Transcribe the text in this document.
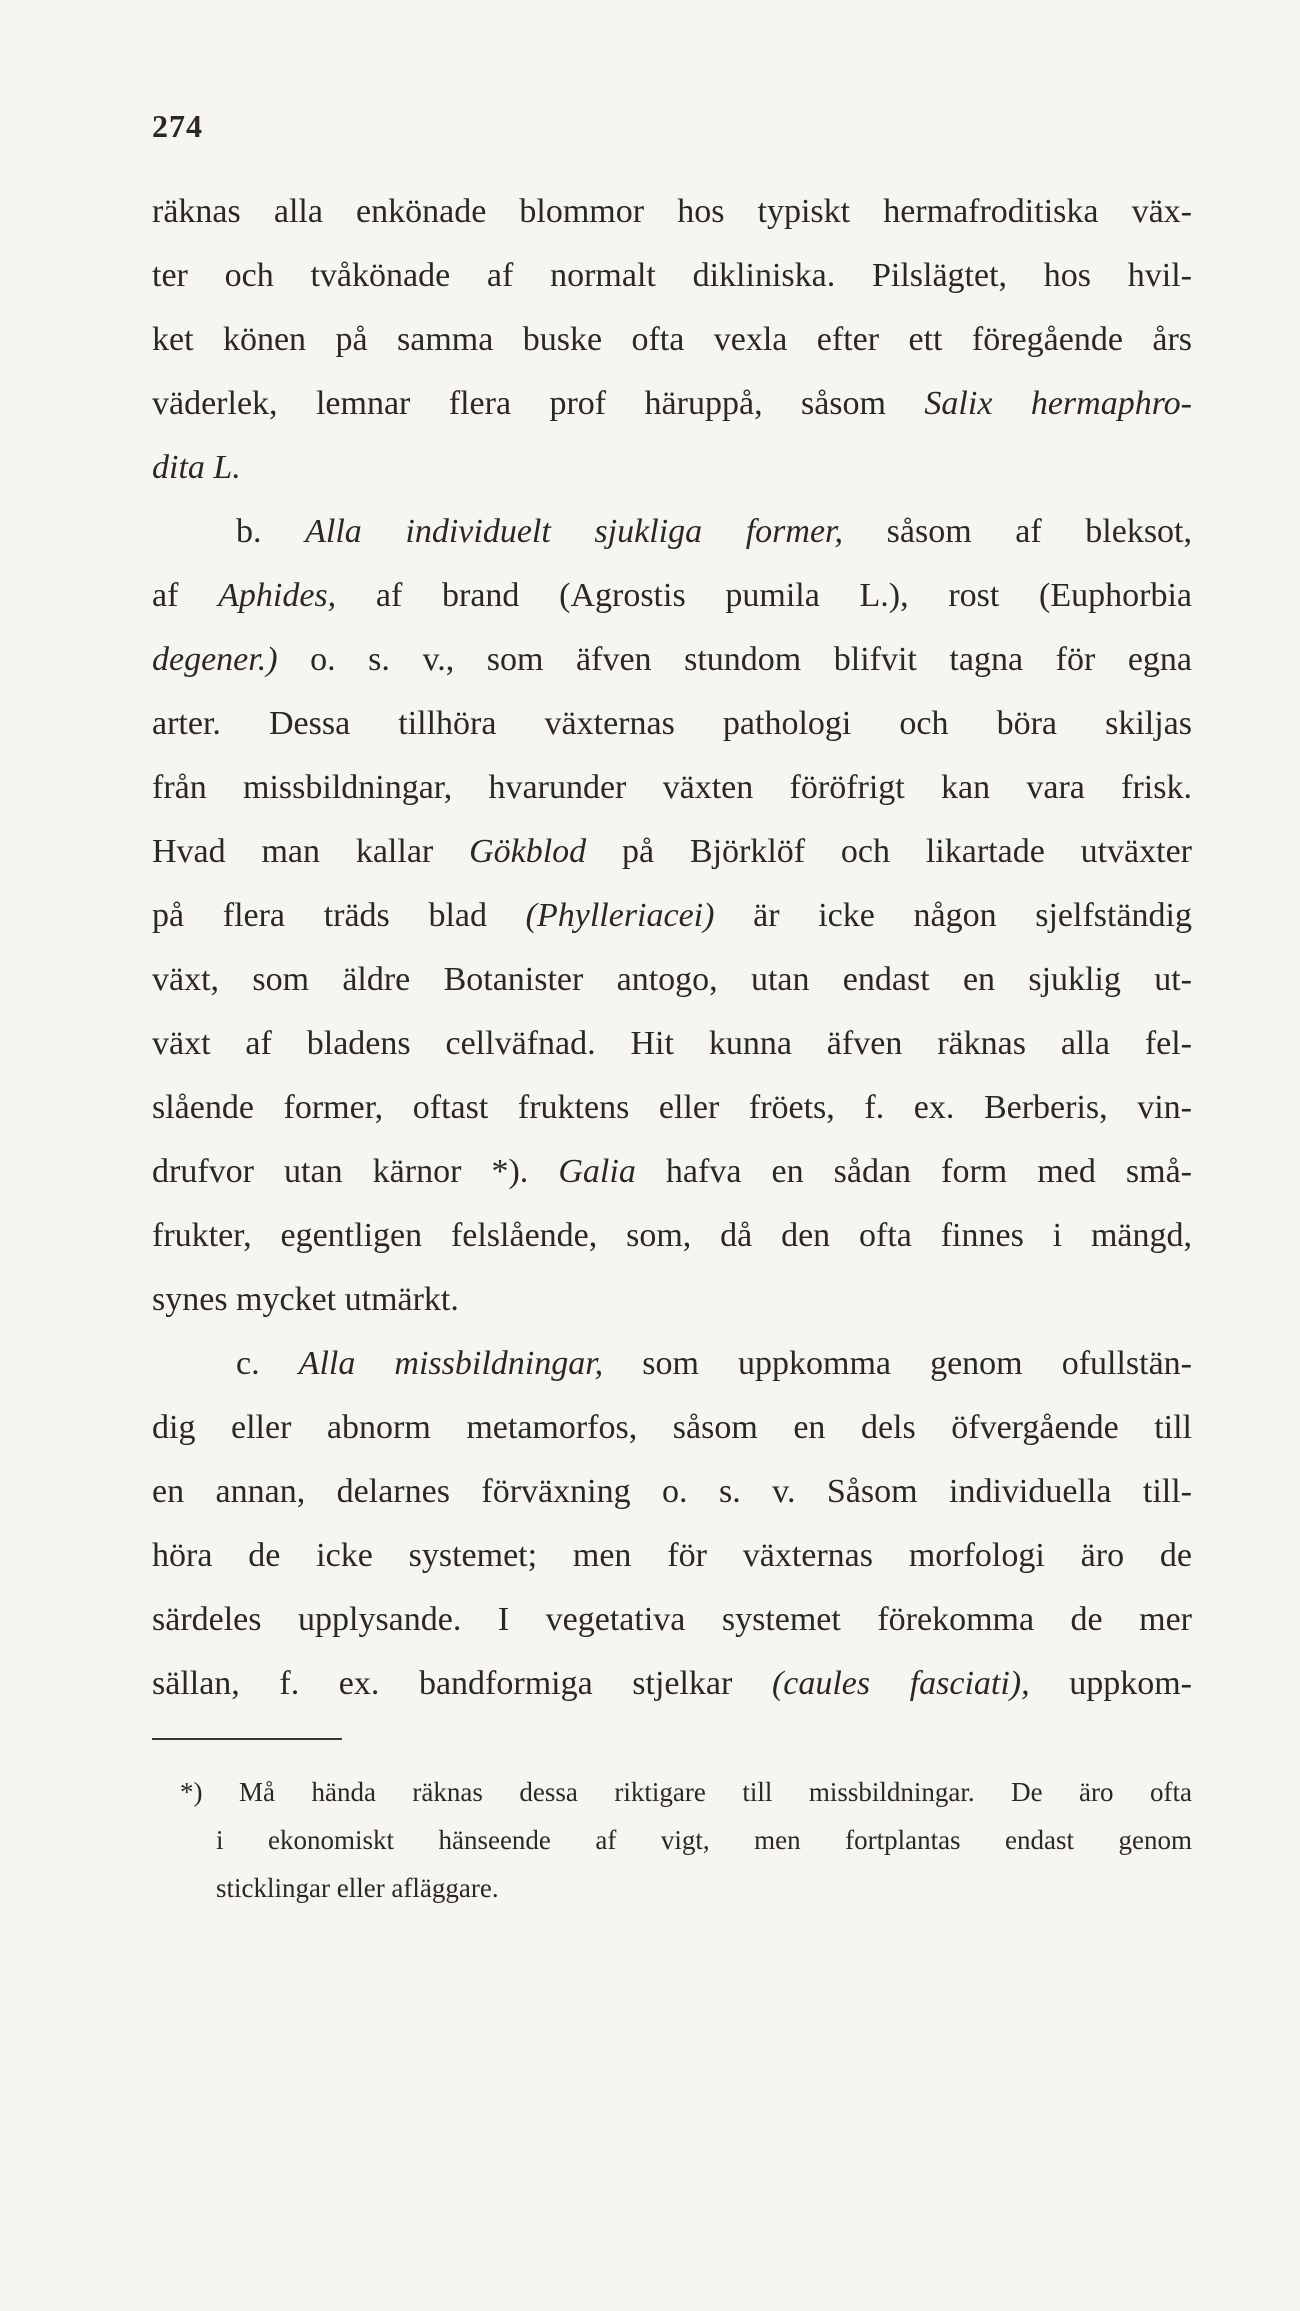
274
räknas alla enkönade blommor hos typiskt hermafroditiska väx-
ter och tvåkönade af normalt dikliniska. Pilslägtet, hos hvil-
ket könen på samma buske ofta vexla efter ett föregående års
väderlek, lemnar flera prof häruppå, såsom Salix hermaphro-
dita L.
b. Alla individuelt sjukliga former, såsom af bleksot,
af Aphides, af brand (Agrostis pumila L.), rost (Euphorbia
degener.) o. s. v., som äfven stundom blifvit tagna för egna
arter. Dessa tillhöra växternas pathologi och böra skiljas
från missbildningar, hvarunder växten föröfrigt kan vara frisk.
Hvad man kallar Gökblod på Björklöf och likartade utväxter
på flera träds blad (Phylleriacei) är icke någon sjelfständig
växt, som äldre Botanister antogo, utan endast en sjuklig ut-
växt af bladens cellväfnad. Hit kunna äfven räknas alla fel-
slående former, oftast fruktens eller fröets, f. ex. Berberis, vin-
drufvor utan kärnor *). Galia hafva en sådan form med små-
frukter, egentligen felslående, som, då den ofta finnes i mängd,
synes mycket utmärkt.
c. Alla missbildningar, som uppkomma genom ofullstän-
dig eller abnorm metamorfos, såsom en dels öfvergående till
en annan, delarnes förväxning o. s. v. Såsom individuella till-
höra de icke systemet; men för växternas morfologi äro de
särdeles upplysande. I vegetativa systemet förekomma de mer
sällan, f. ex. bandformiga stjelkar (caules fasciati), uppkom-
*) Må hända räknas dessa riktigare till missbildningar. De äro ofta
i ekonomiskt hänseende af vigt, men fortplantas endast genom
sticklingar eller afläggare.
